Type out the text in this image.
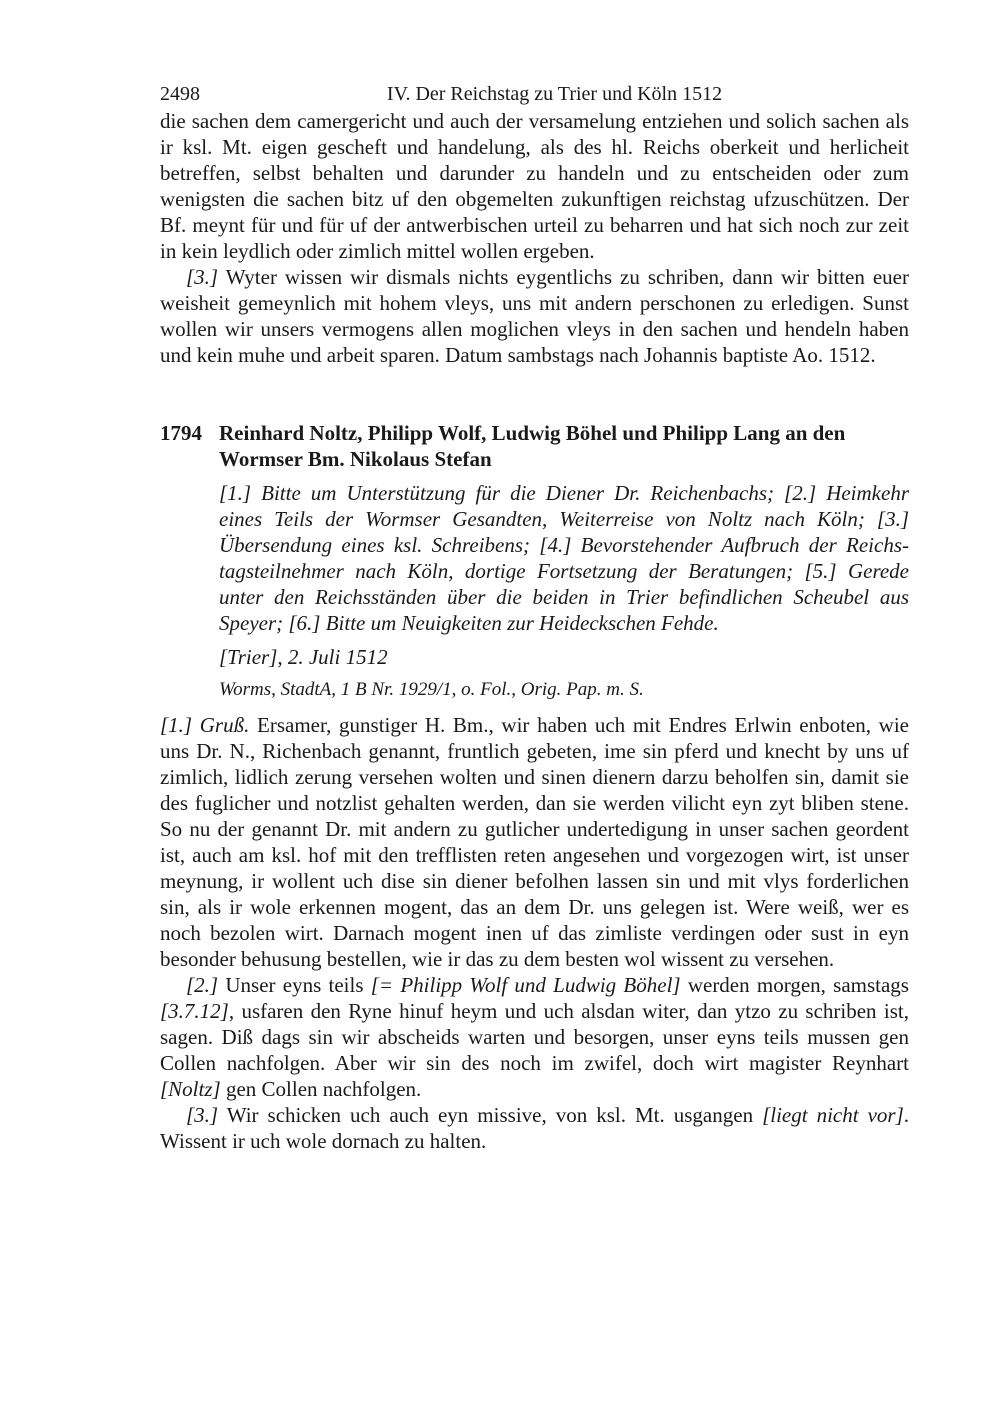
2498	IV. Der Reichstag zu Trier und Köln 1512

die sachen dem camergericht und auch der versamelung entziehen und solich sachen als ir ksl. Mt. eigen gescheft und handelung, als des hl. Reichs oberkeit und herlicheit betreffen, selbst behalten und darunder zu handeln und zu entscheiden oder zum wenigsten die sachen bitz uf den obgemelten zukunftigen reichstag ufzuschützen. Der Bf. meynt für und für uf der antwerbischen urteil zu beharren und hat sich noch zur zeit in kein leydlich oder zimlich mittel wollen ergeben.

[3.] Wyter wissen wir dismals nichts eygentlichs zu schriben, dann wir bitten euer weisheit gemeynlich mit hohem vleys, uns mit andern perschonen zu erledigen. Sunst wollen wir unsers vermogens allen moglichen vleys in den sachen und hendeln haben und kein muhe und arbeit sparen. Datum sambstags nach Johannis baptiste Ao. 1512.

1794 Reinhard Noltz, Philipp Wolf, Ludwig Böhel und Philipp Lang an den Wormser Bm. Nikolaus Stefan

[1.] Bitte um Unterstützung für die Diener Dr. Reichenbachs; [2.] Heimkehr eines Teils der Wormser Gesandten, Weiterreise von Noltz nach Köln; [3.] Übersendung eines ksl. Schreibens; [4.] Bevorstehender Aufbruch der Reichstagsteilnehmer nach Köln, dortige Fortsetzung der Beratungen; [5.] Gerede unter den Reichsständen über die beiden in Trier befindlichen Scheubel aus Speyer; [6.] Bitte um Neuigkeiten zur Heideckschen Fehde.

[Trier], 2. Juli 1512
Worms, StadtA, 1 B Nr. 1929/1, o. Fol., Orig. Pap. m. S.

[1.] Gruß. Ersamer, gunstiger H. Bm., wir haben uch mit Endres Erlwin enboten, wie uns Dr. N., Richenbach genannt, fruntlich gebeten, ime sin pferd und knecht by uns uf zimlich, lidlich zerung versehen wolten und sinen dienern darzu beholfen sin, damit sie des fuglicher und notzlist gehalten werden, dan sie werden vilicht eyn zyt bliben stene. So nu der genannt Dr. mit andern zu gutlicher undertedigung in unser sachen geordent ist, auch am ksl. hof mit den trefflisten reten angesehen und vorgezogen wirt, ist unser meynung, ir wollent uch dise sin diener befolhen lassen sin und mit vlys forderlichen sin, als ir wole erkennen mogent, das an dem Dr. uns gelegen ist. Were weiß, wer es noch bezolen wirt. Darnach mogent inen uf das zimliste verdingen oder sust in eyn besonder behusung bestellen, wie ir das zu dem besten wol wissent zu versehen.

[2.] Unser eyns teils [= Philipp Wolf und Ludwig Böhel] werden morgen, samstags [3.7.12], usfaren den Ryne hinuf heym und uch alsdan witer, dan ytzo zu schriben ist, sagen. Diß dags sin wir abscheids warten und besorgen, unser eyns teils mussen gen Collen nachfolgen. Aber wir sin des noch im zwifel, doch wirt magister Reynhart [Noltz] gen Collen nachfolgen.

[3.] Wir schicken uch auch eyn missive, von ksl. Mt. usgangen [liegt nicht vor]. Wissent ir uch wole dornach zu halten.
